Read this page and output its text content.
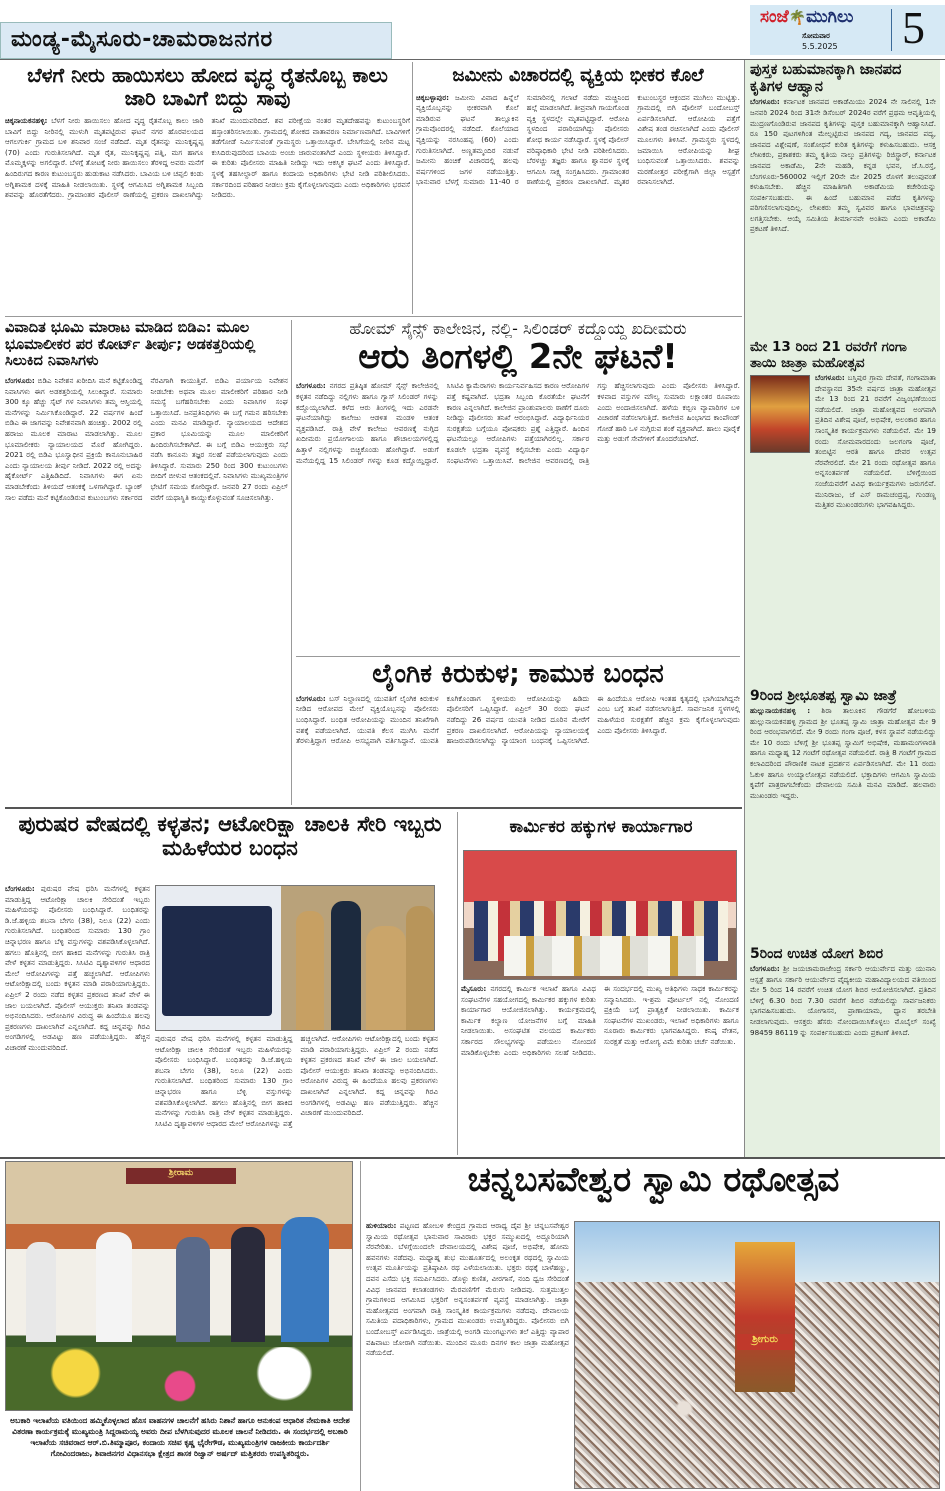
ಮಂಡ್ಯ-ಮೈಸೂರು-ಚಾಮರಾಜನಗರ
ಸಂಜೆ🌴ಮುಗಿಲು
ಸೋಮವಾರ
5.5.2025 5
ಪುಸ್ತಕ ಬಹುಮಾನಕ್ಕಾಗಿ ಜಾನಪದ ಕೃತಿಗಳ ಆಹ್ವಾನ
ಬೆಂಗಳೂರು: ಕರ್ನಾಟಕ ಜಾನಪದ ಅಕಾಡೆಮಿಯು 2024 ನೇ ಸಾಲಿನಲ್ಲಿ 1ನೇ ಜನವರಿ 2024 ರಿಂದ 31ನೇ ಡಿಸೆಂಬರ್ 2024ರ ವರೆಗೆ ಪ್ರಥಮ ಆವೃತ್ತಿಯಲ್ಲಿ ಮುದ್ರಣಗೊಂಡಿರುವ ಜಾನಪದ ಕೃತಿಗಳನ್ನು ಪುಸ್ತಕ ಬಹುಮಾನಕ್ಕಾಗಿ ಆಹ್ವಾನಿಸಿದೆ. ರೂ 150 ಪುಟಗಳಿಗಿಂತ ಮೇಲ್ಪಟ್ಟಿರುವ ಜಾನಪದ ಗದ್ಯ, ಜಾನಪದ ಪದ್ಯ, ಜಾನಪದ ವಿಶ್ಲೇಷಣೆ, ಸಂಶೋಧನೆ ಕುರಿತ ಕೃತಿಗಳನ್ನು ಕಳುಹಿಸಬಹುದು. ಆಸಕ್ತ ಲೇಖಕರು, ಪ್ರಕಾಶಕರು ತಮ್ಮ ಕೃತಿಯ ನಾಲ್ಕು ಪ್ರತಿಗಳನ್ನು ರಿಜಿಸ್ಟ್ರಾರ್, ಕರ್ನಾಟಕ ಜಾನಪದ ಅಕಾಡೆಮಿ, 2ನೇ ಮಹಡಿ, ಕನ್ನಡ ಭವನ, ಜೆ.ಸಿ.ರಸ್ತೆ, ಬೆಂಗಳೂರು-560002 ಇಲ್ಲಿಗೆ 20ನೇ ಮೇ 2025 ರೊಳಗೆ ತಲುಪುವಂತೆ ಕಳುಹಿಸಬೇಕು. ಹೆಚ್ಚಿನ ಮಾಹಿತಿಗಾಗಿ ಅಕಾಡೆಮಿಯ ಕಚೇರಿಯನ್ನು ಸಂಪರ್ಕಿಸಬಹುದು. ಈ ಹಿಂದೆ ಬಹುಮಾನ ಪಡೆದ ಕೃತಿಗಳನ್ನು ಪರಿಗಣಿಸಲಾಗುವುದಿಲ್ಲ. ಲೇಖಕರು ತಮ್ಮ ಸ್ವವಿವರ ಹಾಗೂ ಭಾವಚಿತ್ರವನ್ನು ಲಗತ್ತಿಸಬೇಕು. ಆಯ್ಕೆ ಸಮಿತಿಯ ತೀರ್ಮಾನವೇ ಅಂತಿಮ ಎಂದು ಅಕಾಡೆಮಿ ಪ್ರಕಟಣೆ ತಿಳಿಸಿದೆ.
ಮೇ 13 ರಿಂದ 21 ರವರೆಗೆ ಗಂಗಾ ತಾಯಿ ಜಾತ್ರಾ ಮಹೋತ್ಸವ
ಬೆಂಗಳೂರು: ಬಸ್ತಿಪುರ ಗ್ರಾಮ ದೇವತೆ, ಗಂಗಾಮಾತಾ ದೇವಸ್ಥಾನದ 35ನೇ ವರ್ಷದ ಜಾತ್ರಾ ಮಹೋತ್ಸವ ಮೇ 13 ರಿಂದ 21 ರವರೆಗೆ ವಿಜೃಂಭಣೆಯಿಂದ ನಡೆಯಲಿದೆ. ಜಾತ್ರಾ ಮಹೋತ್ಸವದ ಅಂಗವಾಗಿ ಪ್ರತಿದಿನ ವಿಶೇಷ ಪೂಜೆ, ಅಭಿಷೇಕ, ಅಲಂಕಾರ ಹಾಗೂ ಸಾಂಸ್ಕೃತಿಕ ಕಾರ್ಯಕ್ರಮಗಳು ನಡೆಯಲಿವೆ. ಮೇ 19 ರಂದು ಸೋಮವಾರದಂದು ಜಲಗಂಗಾ ಪೂಜೆ, ತಂಬಿಟ್ಟಿನ ಆರತಿ ಹಾಗೂ ದೇವರ ಉತ್ಸವ ನೆರವೇರಲಿದೆ. ಮೇ 21 ರಂದು ರಥೋತ್ಸವ ಹಾಗೂ ಅನ್ನಸಂತರ್ಪಣೆ ನಡೆಯಲಿದೆ. ಬೆಳಿಗ್ಗೆಯಿಂದ ಸಂಜೆಯವರೆಗೆ ವಿವಿಧ ಕಾರ್ಯಕ್ರಮಗಳು ಜರುಗಲಿವೆ. ಮುನಿರಾಜು, ಜೆ ಎಸ್ ರಾಮಚಂದ್ರಪ್ಪ, ಗುಂಡಣ್ಣ ಮತ್ತಿತರ ಮುಖಂಡರುಗಳು ಭಾಗವಹಿಸಿದ್ದರು.
9ರಿಂದ ಶ್ರೀಭೂತಪ್ಪ ಸ್ವಾಮಿ ಜಾತ್ರೆ
ಹುಲ್ಲುನಾಯಕನಹಳ್ಳಿ : ಶಿರಾ ತಾಲೂಕಿನ ಗೌಡಗೆರೆ ಹೋಬಳಿಯ ಹುಲ್ಲುನಾಯಕನಹಳ್ಳಿ ಗ್ರಾಮದ ಶ್ರೀ ಭೂತಪ್ಪ ಸ್ವಾಮಿ ಜಾತ್ರಾ ಮಹೋತ್ಸವ ಮೇ 9 ರಿಂದ ಆರಂಭವಾಗಲಿದೆ. ಮೇ 9 ರಂದು ಗಂಗಾ ಪೂಜೆ, ಕಳಸ ಸ್ಥಾಪನೆ ನಡೆಯಲಿದ್ದು ಮೇ 10 ರಂದು ಬೆಳಿಗ್ಗೆ ಶ್ರೀ ಭೂತಪ್ಪ ಸ್ವಾಮಿಗೆ ಅಭಿಷೇಕ, ಮಹಾಮಂಗಳಾರತಿ ಹಾಗೂ ಮಧ್ಯಾಹ್ನ 12 ಗಂಟೆಗೆ ರಥೋತ್ಸವ ನಡೆಯಲಿದೆ. ರಾತ್ರಿ 8 ಗಂಟೆಗೆ ಗ್ರಾಮದ ಕಲಾವಿದರಿಂದ ಪೌರಾಣಿಕ ನಾಟಕ ಪ್ರದರ್ಶನ ಏರ್ಪಡಿಸಲಾಗಿದೆ. ಮೇ 11 ರಂದು ಓಕುಳಿ ಹಾಗೂ ಉಯ್ಯಾಲೋತ್ಸವ ನಡೆಯಲಿದೆ. ಭಕ್ತಾದಿಗಳು ಆಗಮಿಸಿ ಸ್ವಾಮಿಯ ಕೃಪೆಗೆ ಪಾತ್ರರಾಗಬೇಕೆಂದು ದೇವಾಲಯ ಸಮಿತಿ ಮನವಿ ಮಾಡಿದೆ. ಹಲವಾರು ಮುಖಂಡರು ಇದ್ದರು.
5ರಿಂದ ಉಚಿತ ಯೋಗ ಶಿಬಿರ
ಬೆಂಗಳೂರು: ಶ್ರೀ ಜಯಚಾಮರಾಜೇಂದ್ರ ಸರ್ಕಾರಿ ಆಯುರ್ವೇದ ಮತ್ತು ಯುನಾನಿ ಆಸ್ಪತ್ರೆ ಹಾಗೂ ಸರ್ಕಾರಿ ಆಯುರ್ವೇದ ವೈದ್ಯಕೀಯ ಮಹಾವಿದ್ಯಾಲಯದ ವತಿಯಿಂದ ಮೇ 5 ರಿಂದ 14 ರವರೆಗೆ ಉಚಿತ ಯೋಗ ಶಿಬಿರ ಆಯೋಜಿಸಲಾಗಿದೆ. ಪ್ರತಿದಿನ ಬೆಳಿಗ್ಗೆ 6.30 ರಿಂದ 7.30 ರವರೆಗೆ ಶಿಬಿರ ನಡೆಯಲಿದ್ದು ಸಾರ್ವಜನಿಕರು ಭಾಗವಹಿಸಬಹುದು. ಯೋಗಾಸನ, ಪ್ರಾಣಾಯಾಮ, ಧ್ಯಾನ ತರಬೇತಿ ನೀಡಲಾಗುವುದು. ಆಸಕ್ತರು ಹೆಸರು ನೋಂದಾಯಿಸಿಕೊಳ್ಳಲು ಮೊಬೈಲ್ ಸಂಖ್ಯೆ 98459 86119 ನ್ನು ಸಂಪರ್ಕಿಸಬಹುದು ಎಂದು ಪ್ರಕಟಣೆ ತಿಳಿಸಿದೆ.
ಬೆಳಗೆ ನೀರು ಹಾಯಿಸಲು ಹೋದ ವೃದ್ಧ ರೈತನೊಬ್ಬ ಕಾಲು ಜಾರಿ ಬಾವಿಗೆ ಬಿದ್ದು ಸಾವು
ಚಿಕ್ಕನಾಯಕನಹಳ್ಳಿ: ಬೆಳಗೆ ನೀರು ಹಾಯಿಸಲು ಹೋದ ವೃದ್ಧ ರೈತನೊಬ್ಬ ಕಾಲು ಜಾರಿ ಬಾವಿಗೆ ಬಿದ್ದು ನೀರಿನಲ್ಲಿ ಮುಳುಗಿ ಮೃತಪಟ್ಟಿರುವ ಘಟನೆ ನಗರ ಹೊರವಲಯದ ಆಗಲಗುರ್ಕಿ ಗ್ರಾಮದ ಬಳಿ ಶನಿವಾರ ಸಂಜೆ ನಡೆದಿದೆ. ಮೃತ ರೈತನನ್ನು ಮುನಿಕೃಷ್ಣಪ್ಪ (70) ಎಂದು ಗುರುತಿಸಲಾಗಿದೆ. ಮೃತ ರೈತ, ಮುನಿಕೃಷ್ಣಪ್ಪ ಪತ್ನಿ, ಮಗ ಹಾಗೂ ಮೊಮ್ಮಕ್ಕಳನ್ನು ಅಗಲಿದ್ದಾರೆ. ಬೆಳಗ್ಗೆ ತೋಟಕ್ಕೆ ನೀರು ಹಾಯಿಸಲು ತೆರಳಿದ್ದ ಅವರು ಮನೆಗೆ ಹಿಂದಿರುಗದ ಕಾರಣ ಕುಟುಂಬಸ್ಥರು ಹುಡುಕಾಟ ನಡೆಸಿದರು. ಬಾವಿಯ ಬಳಿ ಚಪ್ಪಲಿ ಕಂಡು ಅಗ್ನಿಶಾಮಕ ದಳಕ್ಕೆ ಮಾಹಿತಿ ನೀಡಲಾಯಿತು. ಸ್ಥಳಕ್ಕೆ ಆಗಮಿಸಿದ ಅಗ್ನಿಶಾಮಕ ಸಿಬ್ಬಂದಿ ಶವವನ್ನು ಹೊರತೆಗೆದರು. ಗ್ರಾಮಾಂತರ ಪೊಲೀಸ್ ಠಾಣೆಯಲ್ಲಿ ಪ್ರಕರಣ ದಾಖಲಾಗಿದ್ದು ತನಿಖೆ ಮುಂದುವರಿದಿದೆ. ಶವ ಪರೀಕ್ಷೆಯ ನಂತರ ಮೃತದೇಹವನ್ನು ಕುಟುಂಬಸ್ಥರಿಗೆ ಹಸ್ತಾಂತರಿಸಲಾಯಿತು. ಗ್ರಾಮದಲ್ಲಿ ಶೋಕದ ವಾತಾವರಣ ನಿರ್ಮಾಣವಾಗಿದೆ. ಬಾವಿಗಳಿಗೆ ತಡೆಗೋಡೆ ನಿರ್ಮಿಸುವಂತೆ ಗ್ರಾಮಸ್ಥರು ಒತ್ತಾಯಿಸಿದ್ದಾರೆ. ಬೇಸಿಗೆಯಲ್ಲಿ ನೀರಿನ ಮಟ್ಟ ಕುಸಿದಿರುವುದರಿಂದ ಬಾವಿಯ ಅಂಚು ಜಾರುವಂತಾಗಿದೆ ಎಂದು ಸ್ಥಳೀಯರು ತಿಳಿಸಿದ್ದಾರೆ. ಈ ಕುರಿತು ಪೊಲೀಸರು ಮಾಹಿತಿ ನೀಡಿದ್ದು ಇದು ಆಕಸ್ಮಿಕ ಘಟನೆ ಎಂದು ತಿಳಿಸಿದ್ದಾರೆ. ಸ್ಥಳಕ್ಕೆ ತಹಸೀಲ್ದಾರ್ ಹಾಗೂ ಕಂದಾಯ ಅಧಿಕಾರಿಗಳು ಭೇಟಿ ನೀಡಿ ಪರಿಶೀಲಿಸಿದರು. ಸರ್ಕಾರದಿಂದ ಪರಿಹಾರ ನೀಡಲು ಕ್ರಮ ಕೈಗೊಳ್ಳಲಾಗುವುದು ಎಂದು ಅಧಿಕಾರಿಗಳು ಭರವಸೆ ನೀಡಿದರು.
ಜಮೀನು ವಿಚಾರದಲ್ಲಿ ವ್ಯಕ್ತಿಯ ಭೀಕರ ಕೊಲೆ
ಚಿಕ್ಕಬಳ್ಳಾಪುರ: ಜಮೀನು ವಿವಾದ ಹಿನ್ನೆಲೆ ವ್ಯಕ್ತಿಯೊಬ್ಬನನ್ನು ಭೀಕರವಾಗಿ ಕೊಲೆ ಮಾಡಿರುವ ಘಟನೆ ತಾಲ್ಲೂಕಿನ ಗ್ರಾಮವೊಂದರಲ್ಲಿ ನಡೆದಿದೆ. ಕೊಲೆಯಾದ ವ್ಯಕ್ತಿಯನ್ನು ನರಸಿಂಹಪ್ಪ (60) ಎಂದು ಗುರುತಿಸಲಾಗಿದೆ. ಅಣ್ಣತಮ್ಮಂದಿರ ನಡುವೆ ಜಮೀನು ಹಂಚಿಕೆ ವಿಚಾರದಲ್ಲಿ ಹಲವು ವರ್ಷಗಳಿಂದ ಜಗಳ ನಡೆಯುತ್ತಿತ್ತು. ಭಾನುವಾರ ಬೆಳಗ್ಗೆ ಸುಮಾರು 11-40 ರ ಸುಮಾರಿನಲ್ಲಿ ಗಲಾಟೆ ನಡೆದು ಮಚ್ಚಿನಿಂದ ಹಲ್ಲೆ ಮಾಡಲಾಗಿದೆ. ತೀವ್ರವಾಗಿ ಗಾಯಗೊಂಡ ವ್ಯಕ್ತಿ ಸ್ಥಳದಲ್ಲೇ ಮೃತಪಟ್ಟಿದ್ದಾರೆ. ಆರೋಪಿ ಸ್ಥಳದಿಂದ ಪರಾರಿಯಾಗಿದ್ದು ಪೊಲೀಸರು ಶೋಧ ಕಾರ್ಯ ನಡೆಸಿದ್ದಾರೆ. ಸ್ಥಳಕ್ಕೆ ಪೊಲೀಸ್ ವರಿಷ್ಠಾಧಿಕಾರಿ ಭೇಟಿ ನೀಡಿ ಪರಿಶೀಲಿಸಿದರು. ಬೆರಳಚ್ಚು ತಜ್ಞರು ಹಾಗೂ ಶ್ವಾನದಳ ಸ್ಥಳಕ್ಕೆ ಆಗಮಿಸಿ ಸಾಕ್ಷ್ಯ ಸಂಗ್ರಹಿಸಿದರು. ಗ್ರಾಮಾಂತರ ಠಾಣೆಯಲ್ಲಿ ಪ್ರಕರಣ ದಾಖಲಾಗಿದೆ. ಮೃತರ ಕುಟುಂಬಸ್ಥರ ಆಕ್ರಂದನ ಮುಗಿಲು ಮುಟ್ಟಿತ್ತು. ಗ್ರಾಮದಲ್ಲಿ ಬಿಗಿ ಪೊಲೀಸ್ ಬಂದೋಬಸ್ತ್ ಏರ್ಪಡಿಸಲಾಗಿದೆ. ಆರೋಪಿಯ ಪತ್ತೆಗೆ ವಿಶೇಷ ತಂಡ ರಚಿಸಲಾಗಿದೆ ಎಂದು ಪೊಲೀಸ್ ಮೂಲಗಳು ತಿಳಿಸಿವೆ. ಗ್ರಾಮಸ್ಥರು ಸ್ಥಳದಲ್ಲಿ ಜಮಾಯಿಸಿ ಆರೋಪಿಯನ್ನು ಶೀಘ್ರ ಬಂಧಿಸುವಂತೆ ಒತ್ತಾಯಿಸಿದರು. ಶವವನ್ನು ಮರಣೋತ್ತರ ಪರೀಕ್ಷೆಗಾಗಿ ಜಿಲ್ಲಾ ಆಸ್ಪತ್ರೆಗೆ ರವಾನಿಸಲಾಗಿದೆ.
ವಿವಾದಿತ ಭೂಮಿ ಮಾರಾಟ ಮಾಡಿದ ಬಿಡಿಎ: ಮೂಲ ಭೂಮಾಲೀಕರ ಪರ ಕೋರ್ಟ್ ತೀರ್ಪು; ಅಡಕತ್ತರಿಯಲ್ಲಿ ಸಿಲುಕಿದ ನಿವಾಸಿಗಳು
ಬೆಂಗಳೂರು: ಬಿಡಿಎ ನಿವೇಶನ ಖರೀದಿಸಿ ಮನೆ ಕಟ್ಟಿಕೊಂಡಿದ್ದ ನಿವಾಸಿಗಳು ಈಗ ಅಡಕತ್ತರಿಯಲ್ಲಿ ಸಿಲುಕಿದ್ದಾರೆ. ಸುಮಾರು 300 ಕ್ಕೂ ಹೆಚ್ಚು ಸೈಟ್ ಗಳ ನಿವಾಸಿಗಳು ತಮ್ಮ ಆಸ್ತಿಯಲ್ಲಿ ಮನೆಗಳನ್ನು ನಿರ್ಮಿಸಿಕೊಂಡಿದ್ದಾರೆ. 22 ವರ್ಷಗಳ ಹಿಂದೆ ಬಿಡಿಎ ಈ ಜಾಗವನ್ನು ನಿವೇಶನವಾಗಿ ಹಂಚಿತ್ತು. 2002 ರಲ್ಲಿ ಹರಾಜು ಮೂಲಕ ಮಾರಾಟ ಮಾಡಲಾಗಿತ್ತು. ಮೂಲ ಭೂಮಾಲೀಕರು ನ್ಯಾಯಾಲಯದ ಮೊರೆ ಹೋಗಿದ್ದರು. 2021 ರಲ್ಲಿ ಬಿಡಿಎ ಭೂಸ್ವಾಧೀನ ಪ್ರಕ್ರಿಯೆ ಕಾನೂನುಬಾಹಿರ ಎಂದು ನ್ಯಾಯಾಲಯ ತೀರ್ಪು ನೀಡಿದೆ. 2022 ರಲ್ಲಿ ಅದನ್ನು ಹೈಕೋರ್ಟ್ ಎತ್ತಿಹಿಡಿದಿದೆ. ನಿವಾಸಿಗಳು ಈಗ ಏನು ಮಾಡಬೇಕೆಂದು ತಿಳಿಯದೆ ಆತಂಕಕ್ಕೆ ಒಳಗಾಗಿದ್ದಾರೆ. ಬ್ಯಾಂಕ್ ಸಾಲ ಪಡೆದು ಮನೆ ಕಟ್ಟಿಕೊಂಡಿರುವ ಕುಟುಂಬಗಳು ಸರ್ಕಾರದ ನೆರವಿಗಾಗಿ ಕಾಯುತ್ತಿವೆ. ಬಿಡಿಎ ಪರ್ಯಾಯ ನಿವೇಶನ ನೀಡಬೇಕು ಅಥವಾ ಮೂಲ ಮಾಲೀಕರಿಗೆ ಪರಿಹಾರ ನೀಡಿ ಸಮಸ್ಯೆ ಬಗೆಹರಿಸಬೇಕು ಎಂದು ನಿವಾಸಿಗಳ ಸಂಘ ಒತ್ತಾಯಿಸಿದೆ. ಜನಪ್ರತಿನಿಧಿಗಳು ಈ ಬಗ್ಗೆ ಗಮನ ಹರಿಸಬೇಕು ಎಂದು ಮನವಿ ಮಾಡಿದ್ದಾರೆ. ನ್ಯಾಯಾಲಯದ ಆದೇಶದ ಪ್ರಕಾರ ಭೂಮಿಯನ್ನು ಮೂಲ ಮಾಲೀಕರಿಗೆ ಹಿಂದಿರುಗಿಸಬೇಕಾಗಿದೆ. ಈ ಬಗ್ಗೆ ಬಿಡಿಎ ಆಯುಕ್ತರು ಸಭೆ ನಡೆಸಿ ಕಾನೂನು ತಜ್ಞರ ಸಲಹೆ ಪಡೆಯಲಾಗುವುದು ಎಂದು ತಿಳಿಸಿದ್ದಾರೆ. ಸುಮಾರು 250 ರಿಂದ 300 ಕುಟುಂಬಗಳು ಬೀದಿಗೆ ಬೀಳುವ ಆತಂಕದಲ್ಲಿವೆ. ನಿವಾಸಿಗಳು ಮುಖ್ಯಮಂತ್ರಿಗಳ ಭೇಟಿಗೆ ಸಮಯ ಕೋರಿದ್ದಾರೆ. ಜನವರಿ 27 ರಂದು ಏಪ್ರಿಲ್ ವರೆಗೆ ಯಥಾಸ್ಥಿತಿ ಕಾಯ್ದುಕೊಳ್ಳುವಂತೆ ಸೂಚಿಸಲಾಗಿತ್ತು.
ಹೋಮ್ ಸೈನ್ಸ್ ಕಾಲೇಜಿನ, ನಲ್ಲಿ- ಸಿಲಿಂಡರ್ ಕದ್ದೊಯ್ದ ಖದೀಮರು
ಆರು ತಿಂಗಳಲ್ಲಿ 2ನೇ ಘಟನೆ!
ಬೆಂಗಳೂರು: ನಗರದ ಪ್ರತಿಷ್ಠಿತ ಹೋಮ್ ಸೈನ್ಸ್ ಕಾಲೇಜಿನಲ್ಲಿ ಕಳ್ಳತನ ನಡೆದಿದ್ದು ನಲ್ಲಿಗಳು ಹಾಗೂ ಗ್ಯಾಸ್ ಸಿಲಿಂಡರ್ ಗಳನ್ನು ಕದ್ದೊಯ್ಯಲಾಗಿದೆ. ಕಳೆದ ಆರು ತಿಂಗಳಲ್ಲಿ ಇದು ಎರಡನೇ ಘಟನೆಯಾಗಿದ್ದು ಕಾಲೇಜು ಆಡಳಿತ ಮಂಡಳಿ ಆತಂಕ ವ್ಯಕ್ತಪಡಿಸಿದೆ. ರಾತ್ರಿ ವೇಳೆ ಕಾಲೇಜು ಆವರಣಕ್ಕೆ ನುಗ್ಗಿದ ಖದೀಮರು ಪ್ರಯೋಗಾಲಯ ಹಾಗೂ ಶೌಚಾಲಯಗಳಲ್ಲಿದ್ದ ಹಿತ್ತಾಳೆ ನಲ್ಲಿಗಳನ್ನು ಬಿಚ್ಚಿಕೊಂಡು ಹೋಗಿದ್ದಾರೆ. ಅಡುಗೆ ಮನೆಯಲ್ಲಿದ್ದ 15 ಸಿಲಿಂಡರ್ ಗಳನ್ನು ಕೂಡ ಕದ್ದೊಯ್ದಿದ್ದಾರೆ. ಸಿಸಿಟಿವಿ ಕ್ಯಾಮೆರಾಗಳು ಕಾರ್ಯನಿರ್ವಹಿಸದ ಕಾರಣ ಆರೋಪಿಗಳ ಪತ್ತೆ ಕಷ್ಟವಾಗಿದೆ. ಭದ್ರತಾ ಸಿಬ್ಬಂದಿ ಕೊರತೆಯೇ ಘಟನೆಗೆ ಕಾರಣ ಎನ್ನಲಾಗಿದೆ. ಕಾಲೇಜಿನ ಪ್ರಾಂಶುಪಾಲರು ಠಾಣೆಗೆ ದೂರು ನೀಡಿದ್ದು ಪೊಲೀಸರು ತನಿಖೆ ಆರಂಭಿಸಿದ್ದಾರೆ. ವಿದ್ಯಾರ್ಥಿನಿಯರ ಸುರಕ್ಷತೆಯ ಬಗ್ಗೆಯೂ ಪೋಷಕರು ಪ್ರಶ್ನೆ ಎತ್ತಿದ್ದಾರೆ. ಹಿಂದಿನ ಘಟನೆಯಲ್ಲೂ ಆರೋಪಿಗಳು ಪತ್ತೆಯಾಗಿರಲಿಲ್ಲ. ಸರ್ಕಾರ ಕೂಡಲೇ ಭದ್ರತಾ ವ್ಯವಸ್ಥೆ ಕಲ್ಪಿಸಬೇಕು ಎಂದು ವಿದ್ಯಾರ್ಥಿ ಸಂಘಟನೆಗಳು ಒತ್ತಾಯಿಸಿವೆ. ಕಾಲೇಜಿನ ಆವರಣದಲ್ಲಿ ರಾತ್ರಿ ಗಸ್ತು ಹೆಚ್ಚಿಸಲಾಗುವುದು ಎಂದು ಪೊಲೀಸರು ತಿಳಿಸಿದ್ದಾರೆ. ಕಳವಾದ ವಸ್ತುಗಳ ಮೌಲ್ಯ ಸುಮಾರು ಲಕ್ಷಾಂತರ ರೂಪಾಯಿ ಎಂದು ಅಂದಾಜಿಸಲಾಗಿದೆ. ಹಳೆಯ ಕಬ್ಬಿಣ ವ್ಯಾಪಾರಿಗಳ ಬಳಿ ವಿಚಾರಣೆ ನಡೆಸಲಾಗುತ್ತಿದೆ. ಕಾಲೇಜಿನ ಹಿಂಭಾಗದ ಕಾಂಪೌಂಡ್ ಗೋಡೆ ಹಾರಿ ಒಳ ನುಗ್ಗಿರುವ ಶಂಕೆ ವ್ಯಕ್ತವಾಗಿದೆ. ಹಾಲು ಪೂರೈಕೆ ಮತ್ತು ಅಡುಗೆ ಸೇವೆಗಳಿಗೆ ತೊಂದರೆಯಾಗಿದೆ.
ಲೈಂಗಿಕ ಕಿರುಕುಳ; ಕಾಮುಕ ಬಂಧನ
ಬೆಂಗಳೂರು: ಬಸ್ ನಿಲ್ದಾಣದಲ್ಲಿ ಯುವತಿಗೆ ಲೈಂಗಿಕ ಕಿರುಕುಳ ನೀಡಿದ ಆರೋಪದ ಮೇಲೆ ವ್ಯಕ್ತಿಯೊಬ್ಬನನ್ನು ಪೊಲೀಸರು ಬಂಧಿಸಿದ್ದಾರೆ. ಬಂಧಿತ ಆರೋಪಿಯನ್ನು ಮುಂದಿನ ತನಿಖೆಗಾಗಿ ವಶಕ್ಕೆ ಪಡೆಯಲಾಗಿದೆ. ಯುವತಿ ಕೆಲಸ ಮುಗಿಸಿ ಮನೆಗೆ ತೆರಳುತ್ತಿದ್ದಾಗ ಆರೋಪಿ ಅಸಭ್ಯವಾಗಿ ವರ್ತಿಸಿದ್ದಾನೆ. ಯುವತಿ ಕೂಗಿಕೊಂಡಾಗ ಸ್ಥಳೀಯರು ಆರೋಪಿಯನ್ನು ಹಿಡಿದು ಪೊಲೀಸರಿಗೆ ಒಪ್ಪಿಸಿದ್ದಾರೆ. ಏಪ್ರಿಲ್ 30 ರಂದು ಘಟನೆ ನಡೆದಿದ್ದು 26 ವರ್ಷದ ಯುವತಿ ನೀಡಿದ ದೂರಿನ ಮೇರೆಗೆ ಪ್ರಕರಣ ದಾಖಲಿಸಲಾಗಿದೆ. ಆರೋಪಿಯನ್ನು ನ್ಯಾಯಾಲಯಕ್ಕೆ ಹಾಜರುಪಡಿಸಲಾಗಿದ್ದು ನ್ಯಾಯಾಂಗ ಬಂಧನಕ್ಕೆ ಒಪ್ಪಿಸಲಾಗಿದೆ. ಈ ಹಿಂದೆಯೂ ಆರೋಪಿ ಇಂತಹ ಕೃತ್ಯದಲ್ಲಿ ಭಾಗಿಯಾಗಿದ್ದನೇ ಎಂಬ ಬಗ್ಗೆ ತನಿಖೆ ನಡೆಸಲಾಗುತ್ತಿದೆ. ಸಾರ್ವಜನಿಕ ಸ್ಥಳಗಳಲ್ಲಿ ಮಹಿಳೆಯರ ಸುರಕ್ಷತೆಗೆ ಹೆಚ್ಚಿನ ಕ್ರಮ ಕೈಗೊಳ್ಳಲಾಗುವುದು ಎಂದು ಪೊಲೀಸರು ತಿಳಿಸಿದ್ದಾರೆ.
ಪುರುಷರ ವೇಷದಲ್ಲಿ ಕಳ್ಳತನ; ಆಟೋರಿಕ್ಷಾ ಚಾಲಕಿ ಸೇರಿ ಇಬ್ಬರು ಮಹಿಳೆಯರ ಬಂಧನ
ಬೆಂಗಳೂರು: ಪುರುಷರ ವೇಷ ಧರಿಸಿ ಮನೆಗಳಲ್ಲಿ ಕಳ್ಳತನ ಮಾಡುತ್ತಿದ್ದ ಆಟೋರಿಕ್ಷಾ ಚಾಲಕಿ ಸೇರಿದಂತೆ ಇಬ್ಬರು ಮಹಿಳೆಯರನ್ನು ಪೊಲೀಸರು ಬಂಧಿಸಿದ್ದಾರೆ. ಬಂಧಿತರನ್ನು ಡಿ.ಜೆ.ಹಳ್ಳಿಯ ಶಬನಾ ಬೇಗಂ (38), ನಿಲೂ (22) ಎಂದು ಗುರುತಿಸಲಾಗಿದೆ. ಬಂಧಿತರಿಂದ ಸುಮಾರು 130 ಗ್ರಾಂ ಚಿನ್ನಾಭರಣ ಹಾಗೂ ಬೆಳ್ಳಿ ವಸ್ತುಗಳನ್ನು ವಶಪಡಿಸಿಕೊಳ್ಳಲಾಗಿದೆ. ಹಗಲು ಹೊತ್ತಿನಲ್ಲಿ ಬೀಗ ಹಾಕಿದ ಮನೆಗಳನ್ನು ಗುರುತಿಸಿ ರಾತ್ರಿ ವೇಳೆ ಕಳ್ಳತನ ಮಾಡುತ್ತಿದ್ದರು. ಸಿಸಿಟಿವಿ ದೃಶ್ಯಾವಳಿಗಳ ಆಧಾರದ ಮೇಲೆ ಆರೋಪಿಗಳನ್ನು ಪತ್ತೆ ಹಚ್ಚಲಾಗಿದೆ. ಆರೋಪಿಗಳು ಆಟೋರಿಕ್ಷಾದಲ್ಲಿ ಬಂದು ಕಳ್ಳತನ ಮಾಡಿ ಪರಾರಿಯಾಗುತ್ತಿದ್ದರು. ಏಪ್ರಿಲ್ 2 ರಂದು ನಡೆದ ಕಳ್ಳತನ ಪ್ರಕರಣದ ತನಿಖೆ ವೇಳೆ ಈ ಜಾಲ ಬಯಲಾಗಿದೆ. ಪೊಲೀಸ್ ಆಯುಕ್ತರು ತನಿಖಾ ತಂಡವನ್ನು ಅಭಿನಂದಿಸಿದರು. ಆರೋಪಿಗಳ ವಿರುದ್ಧ ಈ ಹಿಂದೆಯೂ ಹಲವು ಪ್ರಕರಣಗಳು ದಾಖಲಾಗಿವೆ ಎನ್ನಲಾಗಿದೆ. ಕದ್ದ ಚಿನ್ನವನ್ನು ಗಿರವಿ ಅಂಗಡಿಗಳಲ್ಲಿ ಅಡವಿಟ್ಟು ಹಣ ಪಡೆಯುತ್ತಿದ್ದರು. ಹೆಚ್ಚಿನ ವಿಚಾರಣೆ ಮುಂದುವರಿದಿದೆ.
ಪುರುಷರ ವೇಷ ಧರಿಸಿ ಮನೆಗಳಲ್ಲಿ ಕಳ್ಳತನ ಮಾಡುತ್ತಿದ್ದ ಆಟೋರಿಕ್ಷಾ ಚಾಲಕಿ ಸೇರಿದಂತೆ ಇಬ್ಬರು ಮಹಿಳೆಯರನ್ನು ಪೊಲೀಸರು ಬಂಧಿಸಿದ್ದಾರೆ. ಬಂಧಿತರನ್ನು ಡಿ.ಜೆ.ಹಳ್ಳಿಯ ಶಬನಾ ಬೇಗಂ (38), ನಿಲೂ (22) ಎಂದು ಗುರುತಿಸಲಾಗಿದೆ. ಬಂಧಿತರಿಂದ ಸುಮಾರು 130 ಗ್ರಾಂ ಚಿನ್ನಾಭರಣ ಹಾಗೂ ಬೆಳ್ಳಿ ವಸ್ತುಗಳನ್ನು ವಶಪಡಿಸಿಕೊಳ್ಳಲಾಗಿದೆ. ಹಗಲು ಹೊತ್ತಿನಲ್ಲಿ ಬೀಗ ಹಾಕಿದ ಮನೆಗಳನ್ನು ಗುರುತಿಸಿ ರಾತ್ರಿ ವೇಳೆ ಕಳ್ಳತನ ಮಾಡುತ್ತಿದ್ದರು. ಸಿಸಿಟಿವಿ ದೃಶ್ಯಾವಳಿಗಳ ಆಧಾರದ ಮೇಲೆ ಆರೋಪಿಗಳನ್ನು ಪತ್ತೆ ಹಚ್ಚಲಾಗಿದೆ. ಆರೋಪಿಗಳು ಆಟೋರಿಕ್ಷಾದಲ್ಲಿ ಬಂದು ಕಳ್ಳತನ ಮಾಡಿ ಪರಾರಿಯಾಗುತ್ತಿದ್ದರು. ಏಪ್ರಿಲ್ 2 ರಂದು ನಡೆದ ಕಳ್ಳತನ ಪ್ರಕರಣದ ತನಿಖೆ ವೇಳೆ ಈ ಜಾಲ ಬಯಲಾಗಿದೆ. ಪೊಲೀಸ್ ಆಯುಕ್ತರು ತನಿಖಾ ತಂಡವನ್ನು ಅಭಿನಂದಿಸಿದರು. ಆರೋಪಿಗಳ ವಿರುದ್ಧ ಈ ಹಿಂದೆಯೂ ಹಲವು ಪ್ರಕರಣಗಳು ದಾಖಲಾಗಿವೆ ಎನ್ನಲಾಗಿದೆ. ಕದ್ದ ಚಿನ್ನವನ್ನು ಗಿರವಿ ಅಂಗಡಿಗಳಲ್ಲಿ ಅಡವಿಟ್ಟು ಹಣ ಪಡೆಯುತ್ತಿದ್ದರು. ಹೆಚ್ಚಿನ ವಿಚಾರಣೆ ಮುಂದುವರಿದಿದೆ.
ಕಾರ್ಮಿಕರ ಹಕ್ಕುಗಳ ಕಾರ್ಯಾಗಾರ
ಮೈಸೂರು: ನಗರದಲ್ಲಿ ಕಾರ್ಮಿಕ ಇಲಾಖೆ ಹಾಗೂ ವಿವಿಧ ಸಂಘಟನೆಗಳ ಸಹಯೋಗದಲ್ಲಿ ಕಾರ್ಮಿಕರ ಹಕ್ಕುಗಳ ಕುರಿತು ಕಾರ್ಯಾಗಾರ ಆಯೋಜಿಸಲಾಗಿತ್ತು. ಕಾರ್ಯಕ್ರಮದಲ್ಲಿ ಕಾರ್ಮಿಕ ಕಲ್ಯಾಣ ಯೋಜನೆಗಳ ಬಗ್ಗೆ ಮಾಹಿತಿ ನೀಡಲಾಯಿತು. ಅಸಂಘಟಿತ ವಲಯದ ಕಾರ್ಮಿಕರು ಸರ್ಕಾರದ ಸೌಲಭ್ಯಗಳನ್ನು ಪಡೆಯಲು ನೋಂದಣಿ ಮಾಡಿಕೊಳ್ಳಬೇಕು ಎಂದು ಅಧಿಕಾರಿಗಳು ಸಲಹೆ ನೀಡಿದರು. ಈ ಸಂದರ್ಭದಲ್ಲಿ ಮುಖ್ಯ ಅತಿಥಿಗಳು ಸಾಧಕ ಕಾರ್ಮಿಕರನ್ನು ಸನ್ಮಾನಿಸಿದರು. ಇ-ಶ್ರಮ ಪೋರ್ಟಲ್ ನಲ್ಲಿ ನೋಂದಣಿ ಪ್ರಕ್ರಿಯೆ ಬಗ್ಗೆ ಪ್ರಾತ್ಯಕ್ಷಿಕೆ ನೀಡಲಾಯಿತು. ಕಾರ್ಮಿಕ ಸಂಘಟನೆಗಳ ಮುಖಂಡರು, ಇಲಾಖೆ ಅಧಿಕಾರಿಗಳು ಹಾಗೂ ನೂರಾರು ಕಾರ್ಮಿಕರು ಭಾಗವಹಿಸಿದ್ದರು. ಕನಿಷ್ಠ ವೇತನ, ಸುರಕ್ಷತೆ ಮತ್ತು ಆರೋಗ್ಯ ವಿಮೆ ಕುರಿತು ಚರ್ಚೆ ನಡೆಯಿತು.
ಶ್ರೀರಾಮ
ಅಬಕಾರಿ ಇಲಾಖೆಯ ವತಿಯಿಂದ ಹಮ್ಮಿಕೊಳ್ಳಲಾದ ಹೊಸ ವಾಹನಗಳ ಚಾಲನೆಗೆ ಹಸಿರು ನಿಶಾನೆ ಹಾಗೂ ಆನುಕಂಪ ಆಧಾರಿತ ನೇಮಕಾತಿ ಆದೇಶ ವಿತರಣಾ ಕಾರ್ಯಕ್ರಮಕ್ಕೆ ಮುಖ್ಯಮಂತ್ರಿ ಸಿದ್ದರಾಮಯ್ಯ ಅವರು ದೀಪ ಬೆಳಗಿಸುವುದರ ಮೂಲಕ ಚಾಲನೆ ನೀಡಿದರು. ಈ ಸಂದರ್ಭದಲ್ಲಿ ಅಬಕಾರಿ ಇಲಾಖೆಯ ಸಚಿವರಾದ ಆರ್.ಬಿ.ತಿಮ್ಮಾಪೂರ, ಕಂದಾಯ ಸಚಿವ ಕೃಷ್ಣ ಭೈರೇಗೌಡ, ಮುಖ್ಯಮಂತ್ರಿಗಳ ರಾಜಕೀಯ ಕಾರ್ಯದರ್ಶಿ ಗೋವಿಂದರಾಜು, ಶಿವಾಜಿನಗರ ವಿಧಾನಸಭಾ ಕ್ಷೇತ್ರದ ಶಾಸಕ ರಿಜ್ವಾನ್ ಅರ್ಷದ್ ಮತ್ತಿತರರು ಉಪಸ್ಥಿತರಿದ್ದರು.
ಚನ್ನಬಸವೇಶ್ವರ ಸ್ವಾಮಿ ರಥೋತ್ಸವ
ಹುಳಿಯಾರು: ಪಟ್ಟಣದ ಹೋಬಳಿ ಕೇಂದ್ರದ ಗ್ರಾಮದ ಆರಾಧ್ಯ ದೈವ ಶ್ರೀ ಚನ್ನಬಸವೇಶ್ವರ ಸ್ವಾಮಿಯ ರಥೋತ್ಸವ ಭಾನುವಾರ ಸಾವಿರಾರು ಭಕ್ತರ ಸಮ್ಮುಖದಲ್ಲಿ ಅದ್ದೂರಿಯಾಗಿ ನೆರವೇರಿತು. ಬೆಳಗ್ಗೆಯಿಂದಲೇ ದೇವಾಲಯದಲ್ಲಿ ವಿಶೇಷ ಪೂಜೆ, ಅಭಿಷೇಕ, ಹೋಮ ಹವನಗಳು ನಡೆದವು. ಮಧ್ಯಾಹ್ನ ಶುಭ ಮುಹೂರ್ತದಲ್ಲಿ ಅಲಂಕೃತ ರಥದಲ್ಲಿ ಸ್ವಾಮಿಯ ಉತ್ಸವ ಮೂರ್ತಿಯನ್ನು ಪ್ರತಿಷ್ಠಾಪಿಸಿ ರಥ ಎಳೆಯಲಾಯಿತು. ಭಕ್ತರು ರಥಕ್ಕೆ ಬಾಳೆಹಣ್ಣು, ದವನ ಎಸೆದು ಭಕ್ತಿ ಸಮರ್ಪಿಸಿದರು. ಡೊಳ್ಳು ಕುಣಿತ, ವೀರಗಾಸೆ, ನಂದಿ ಧ್ವಜ ಸೇರಿದಂತೆ ವಿವಿಧ ಜಾನಪದ ಕಲಾತಂಡಗಳು ಮೆರವಣಿಗೆಗೆ ಮೆರುಗು ನೀಡಿದವು. ಸುತ್ತಮುತ್ತಲ ಗ್ರಾಮಗಳಿಂದ ಆಗಮಿಸಿದ ಭಕ್ತರಿಗೆ ಅನ್ನಸಂತರ್ಪಣೆ ವ್ಯವಸ್ಥೆ ಮಾಡಲಾಗಿತ್ತು. ಜಾತ್ರಾ ಮಹೋತ್ಸವದ ಅಂಗವಾಗಿ ರಾತ್ರಿ ಸಾಂಸ್ಕೃತಿಕ ಕಾರ್ಯಕ್ರಮಗಳು ನಡೆದವು. ದೇವಾಲಯ ಸಮಿತಿಯ ಪದಾಧಿಕಾರಿಗಳು, ಗ್ರಾಮದ ಮುಖಂಡರು ಉಪಸ್ಥಿತರಿದ್ದರು. ಪೊಲೀಸರು ಬಿಗಿ ಬಂದೋಬಸ್ತ್ ಏರ್ಪಡಿಸಿದ್ದರು. ಜಾತ್ರೆಯಲ್ಲಿ ಅಂಗಡಿ ಮುಂಗಟ್ಟುಗಳು ತಲೆ ಎತ್ತಿದ್ದು ವ್ಯಾಪಾರ ವಹಿವಾಟು ಜೋರಾಗಿ ನಡೆಯಿತು. ಮುಂದಿನ ಮೂರು ದಿನಗಳ ಕಾಲ ಜಾತ್ರಾ ಮಹೋತ್ಸವ ನಡೆಯಲಿದೆ.
ಶ್ರೀಗುರು
